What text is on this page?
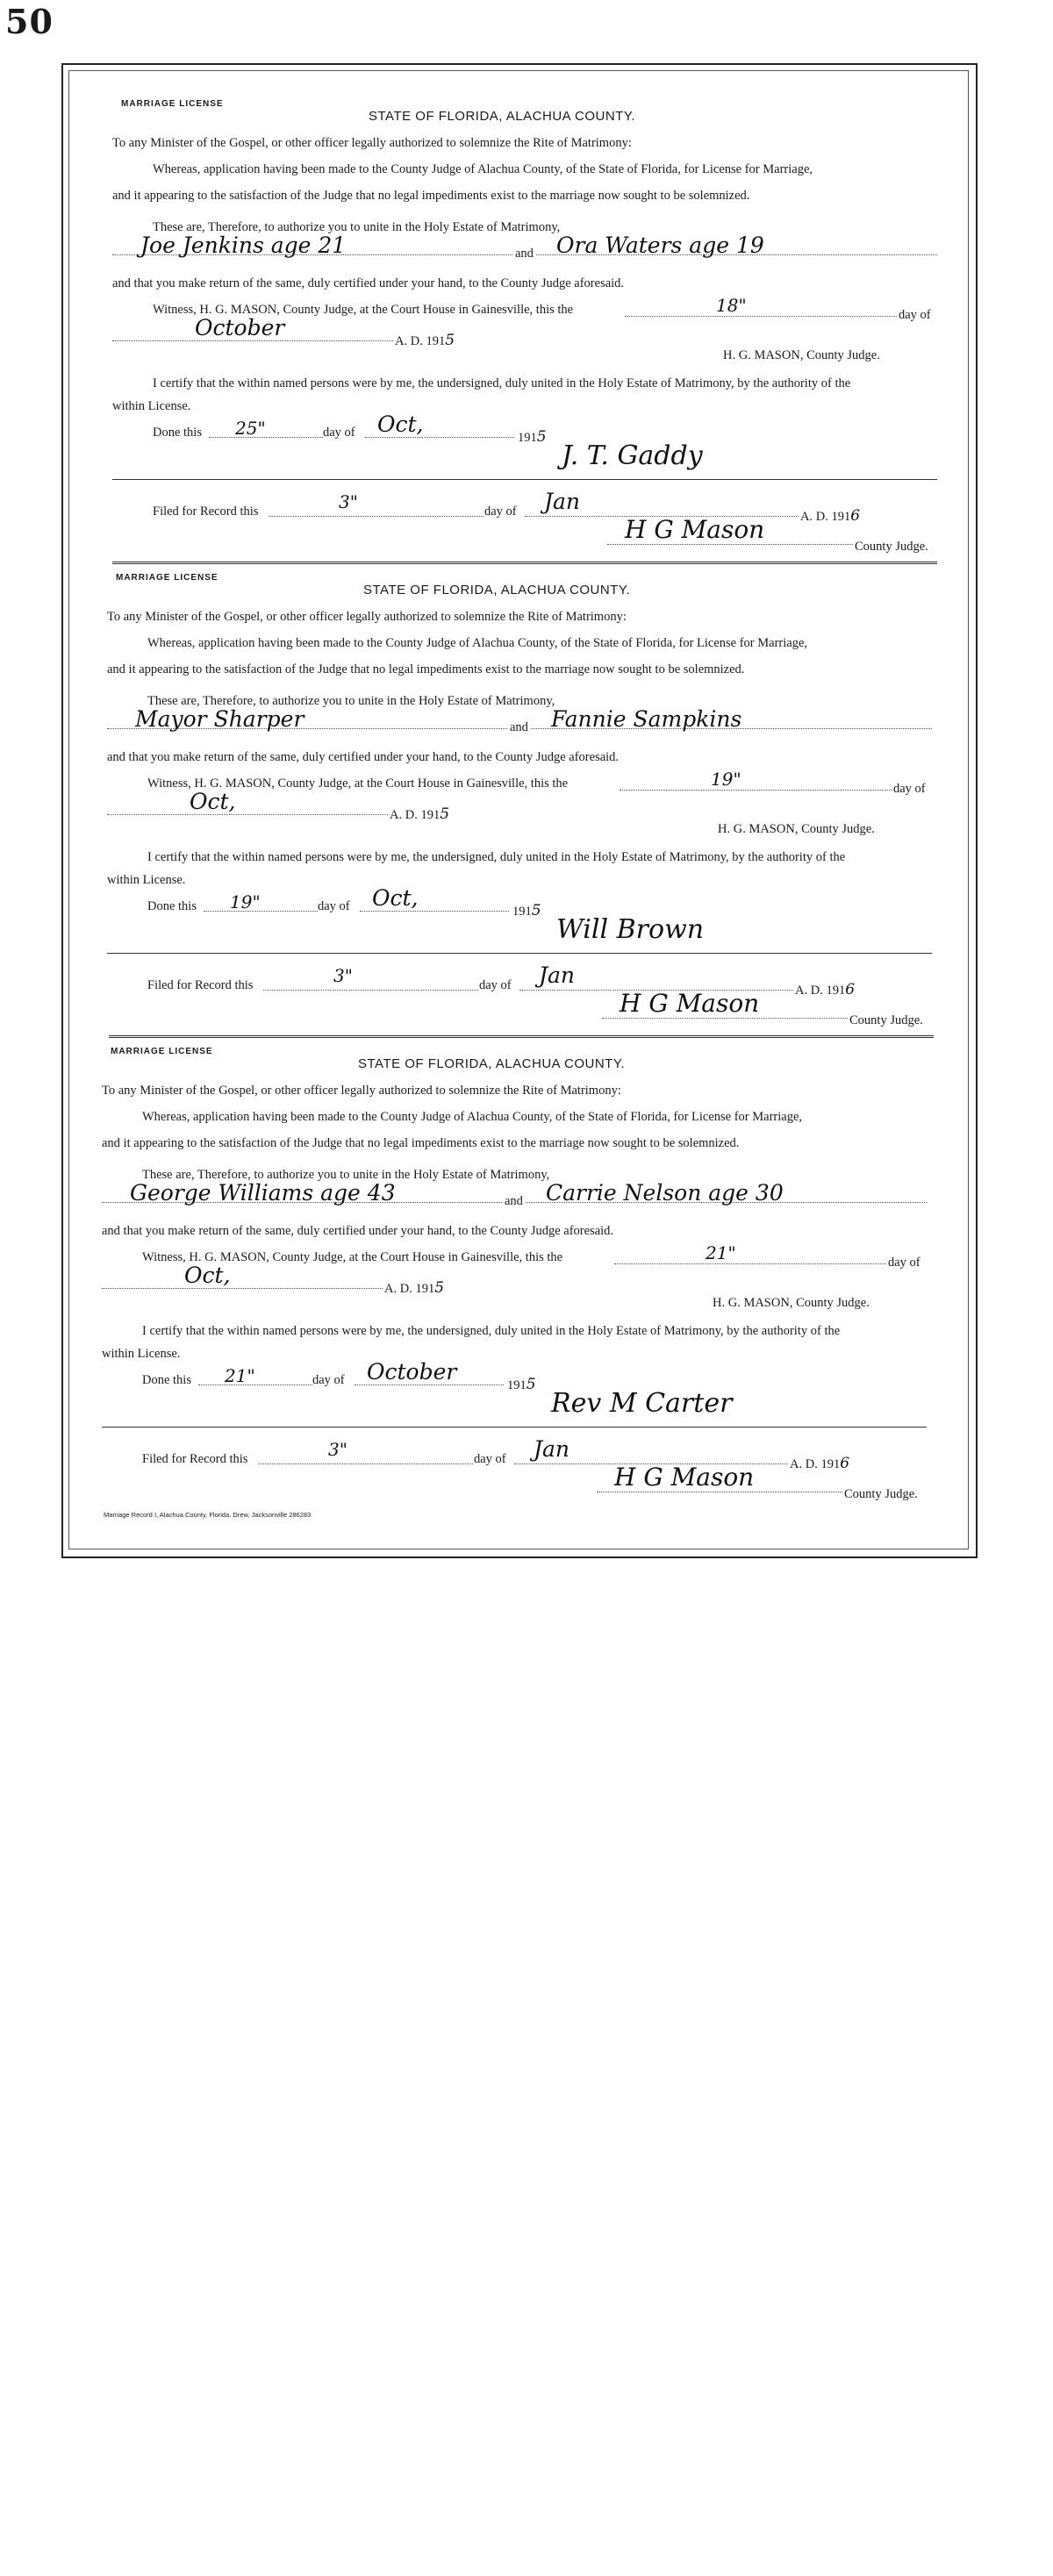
50
MARRIAGE LICENSE
STATE OF FLORIDA, ALACHUA COUNTY.
To any Minister of the Gospel, or other officer legally authorized to solemnize the Rite of Matrimony:
Whereas, application having been made to the County Judge of Alachua County, of the State of Florida, for License for Marriage,
and it appearing to the satisfaction of the Judge that no legal impediments exist to the marriage now sought to be solemnized.
These are, Therefore, to authorize you to unite in the Holy Estate of Matrimony,
Joe Jenkins age 21	and Ora Waters age 19
and that you make return of the same, duly certified under your hand, to the County Judge aforesaid.
Witness, H. G. MASON, County Judge, at the Court House in Gainesville, this the	18"	day of
October
A. D. 1915
H. G. MASON, County Judge.
I certify that the within named persons were by me, the undersigned, duly united in the Holy Estate of Matrimony, by the authority of the
within License.
Done this 25"	day of Oct,
1915
J. T. Gaddy
Filed for Record this	3"	day of Jan
A. D. 1916
H G Mason
County Judge.
MARRIAGE LICENSE
STATE OF FLORIDA, ALACHUA COUNTY.
To any Minister of the Gospel, or other officer legally authorized to solemnize the Rite of Matrimony:
Whereas, application having been made to the County Judge of Alachua County, of the State of Florida, for License for Marriage,
and it appearing to the satisfaction of the Judge that no legal impediments exist to the marriage now sought to be solemnized.
These are, Therefore, to authorize you to unite in the Holy Estate of Matrimony,
Mayor Sharper	and Fannie Sampkins
and that you make return of the same, duly certified under your hand, to the County Judge aforesaid.
Witness, H. G. MASON, County Judge, at the Court House in Gainesville, this the	19"	day of
Oct,
A. D. 1915
H. G. MASON, County Judge.
I certify that the within named persons were by me, the undersigned, duly united in the Holy Estate of Matrimony, by the authority of the
within License.
Done this 19"	day of Oct,
1915
Will Brown
Filed for Record this	3"	day of Jan
A. D. 1916
H G Mason
County Judge.
MARRIAGE LICENSE
STATE OF FLORIDA, ALACHUA COUNTY.
To any Minister of the Gospel, or other officer legally authorized to solemnize the Rite of Matrimony:
Whereas, application having been made to the County Judge of Alachua County, of the State of Florida, for License for Marriage,
and it appearing to the satisfaction of the Judge that no legal impediments exist to the marriage now sought to be solemnized.
These are, Therefore, to authorize you to unite in the Holy Estate of Matrimony,
George Williams age 43	and Carrie Nelson age 30
and that you make return of the same, duly certified under your hand, to the County Judge aforesaid.
Witness, H. G. MASON, County Judge, at the Court House in Gainesville, this the	21"	day of
Oct,
A. D. 1915
H. G. MASON, County Judge.
I certify that the within named persons were by me, the undersigned, duly united in the Holy Estate of Matrimony, by the authority of the
within License.
Done this 21"	day of October
1915
Rev M Carter
Filed for Record this	3"	day of Jan
A. D. 1916
H G Mason
County Judge.
Marriage Record I, Alachua County, Florida. Drew, Jacksonville 286283
